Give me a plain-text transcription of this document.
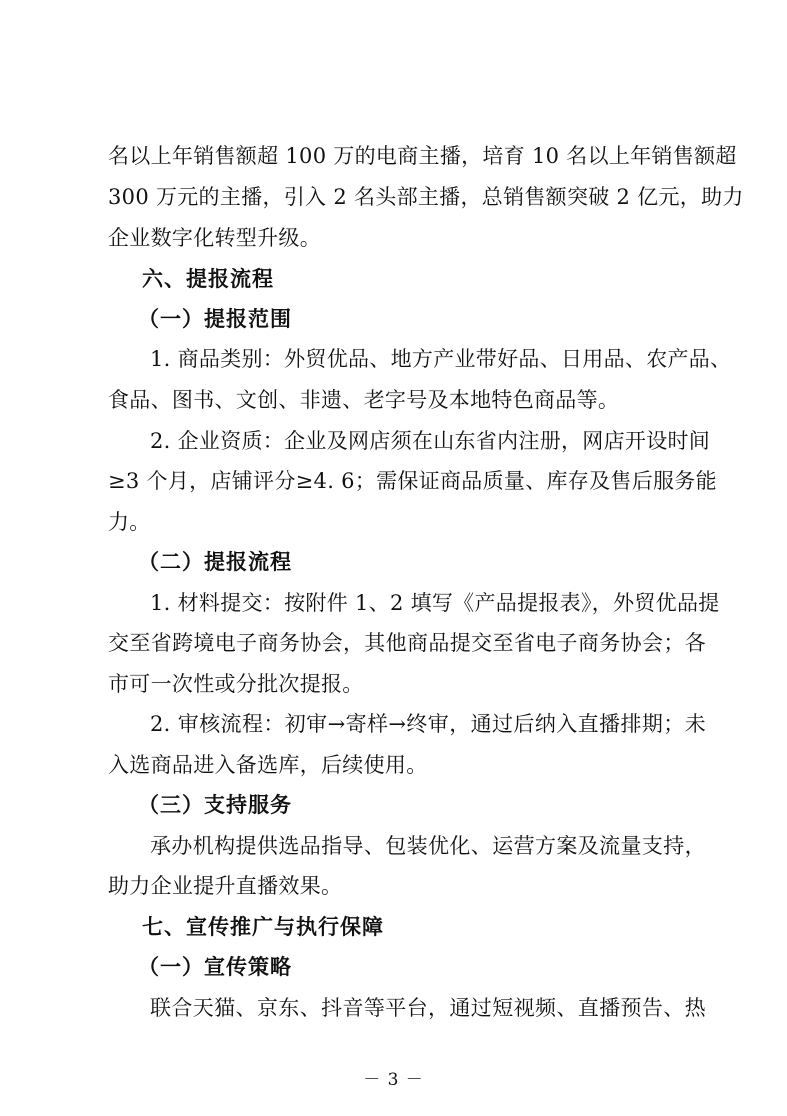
名以上年销售额超 100 万的电商主播，培育 10 名以上年销售额超
300 万元的主播，引入 2 名头部主播，总销售额突破 2 亿元，助力
企业数字化转型升级。
六、提报流程
（一）提报范围
1. 商品类别：外贸优品、地方产业带好品、日用品、农产品、
食品、图书、文创、非遗、老字号及本地特色商品等。
2. 企业资质：企业及网店须在山东省内注册，网店开设时间
≥3 个月，店铺评分≥4. 6；需保证商品质量、库存及售后服务能
力。
（二）提报流程
1. 材料提交：按附件 1、2 填写《产品提报表》，外贸优品提
交至省跨境电子商务协会，其他商品提交至省电子商务协会；各
市可一次性或分批次提报。
2. 审核流程：初审→寄样→终审，通过后纳入直播排期；未
入选商品进入备选库，后续使用。
（三）支持服务
承办机构提供选品指导、包装优化、运营方案及流量支持，
助力企业提升直播效果。
七、宣传推广与执行保障
（一）宣传策略
联合天猫、京东、抖音等平台，通过短视频、直播预告、热
－ 3 －
